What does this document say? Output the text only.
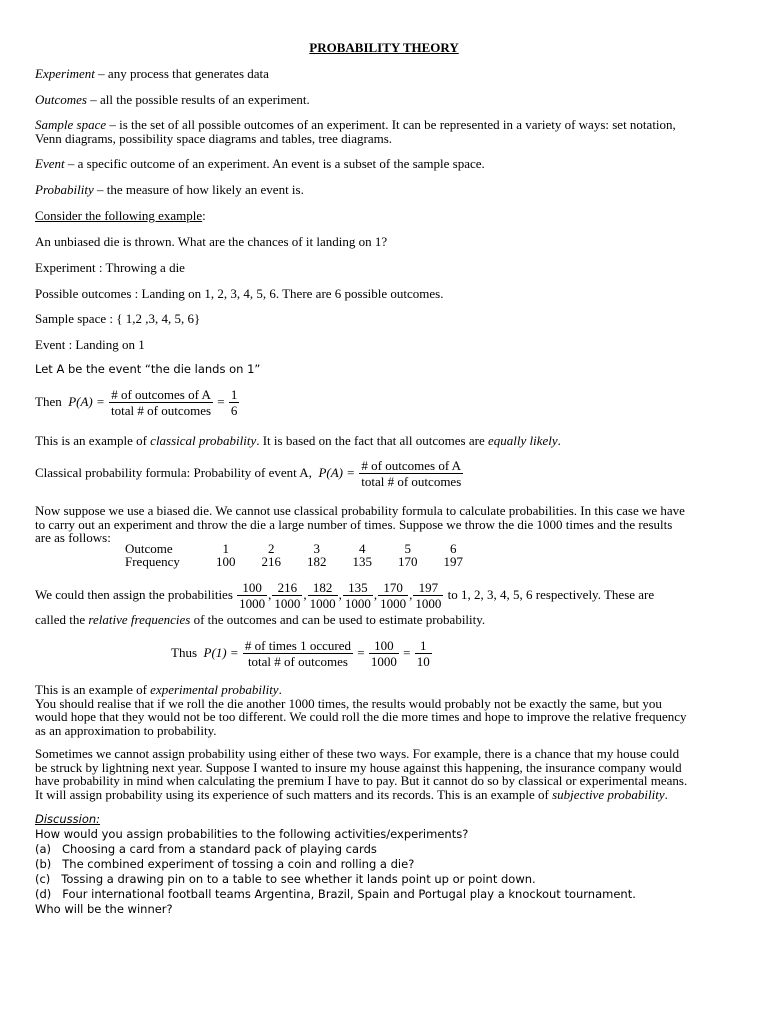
PROBABILITY THEORY
Experiment – any process that generates data
Outcomes – all the possible results of an experiment.
Sample space – is the set of all possible outcomes of an experiment. It can be represented in a variety of ways: set notation,
Venn diagrams, possibility space diagrams and tables, tree diagrams.
Event – a specific outcome of an experiment. An event is a subset of the sample space.
Probability – the measure of how likely an event is.
Consider the following example:
An unbiased die is thrown. What are the chances of it landing on 1?
Experiment : Throwing a die
Possible outcomes : Landing on 1, 2, 3, 4, 5, 6. There are 6 possible outcomes.
Sample space : { 1,2 ,3, 4, 5, 6}
Event : Landing on 1
Let A be the event “the die lands on 1”
Then $P(A) = \frac{\text{\# of outcomes of A}}{\text{total \# of outcomes}} = \frac{1}{6}$
This is an example of classical probability. It is based on the fact that all outcomes are equally likely.
Classical probability formula: Probability of event A, $P(A) = \frac{\text{\# of outcomes of A}}{\text{total \# of outcomes}}$
Now suppose we use a biased die. We cannot use classical probability formula to calculate probabilities. In this case we have
to carry out an experiment and throw the die a large number of times. Suppose we throw the die 1000 times and the results
are as follows:
Outcome	1	2	3	4	5	6
Frequency	100	216	182	135	170	197
We could then assign the probabilities $\frac{100}{1000}$ , $\frac{216}{1000}$ , $\frac{182}{1000}$ , $\frac{135}{1000}$ , $\frac{170}{1000}$ , $\frac{197}{1000}$ to 1, 2, 3, 4, 5, 6 respectively. These are
called the relative frequencies of the outcomes and can be used to estimate probability.
Thus $P(1) = \frac{\text{\# of times 1 occured}}{\text{total \# of outcomes}} = \frac{100}{1000} = \frac{1}{10}$
This is an example of experimental probability.
You should realise that if we roll the die another 1000 times, the results would probably not be exactly the same, but you
would hope that they would not be too different. We could roll the die more times and hope to improve the relative frequency
as an approximation to probability.
Sometimes we cannot assign probability using either of these two ways. For example, there is a chance that my house could
be struck by lightning next year. Suppose I wanted to insure my house against this happening, the insurance company would
have probability in mind when calculating the premium I have to pay. But it cannot do so by classical or experimental means.
It will assign probability using its experience of such matters and its records. This is an example of subjective probability.
Discussion:
How would you assign probabilities to the following activities/experiments?
(a) Choosing a card from a standard pack of playing cards
(b) The combined experiment of tossing a coin and rolling a die?
(c) Tossing a drawing pin on to a table to see whether it lands point up or point down.
(d) Four international football teams Argentina, Brazil, Spain and Portugal play a knockout tournament.
Who will be the winner?
